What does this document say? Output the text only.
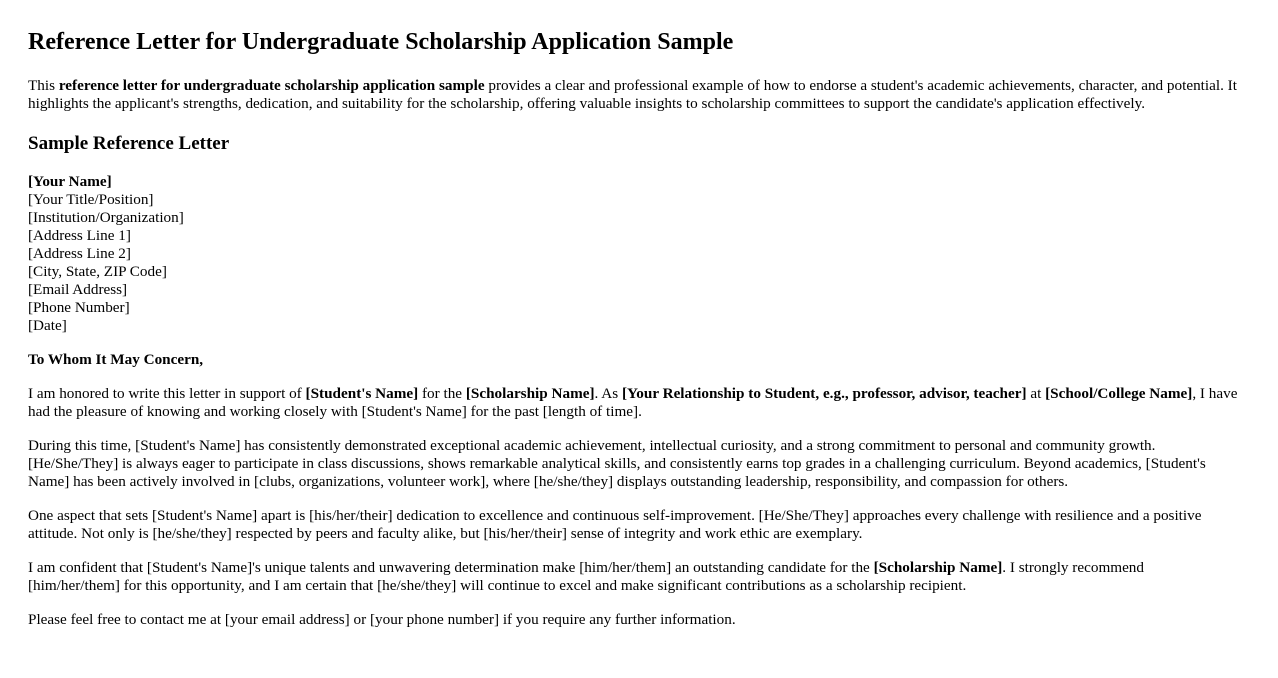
Reference Letter for Undergraduate Scholarship Application Sample

This reference letter for undergraduate scholarship application sample provides a clear and professional example of how to endorse a student's academic achievements, character, and potential. It highlights the applicant's strengths, dedication, and suitability for the scholarship, offering valuable insights to scholarship committees to support the candidate's application effectively.

Sample Reference Letter
[Your Name]
[Your Title/Position]
[Institution/Organization]
[Address Line 1]
[Address Line 2]
[City, State, ZIP Code]
[Email Address]
[Phone Number]
[Date]

To Whom It May Concern,

I am honored to write this letter in support of [Student's Name] for the [Scholarship Name]. As [Your Relationship to Student, e.g., professor, advisor, teacher] at [School/College Name], I have had the pleasure of knowing and working closely with [Student's Name] for the past [length of time].

During this time, [Student's Name] has consistently demonstrated exceptional academic achievement, intellectual curiosity, and a strong commitment to personal and community growth. [He/She/They] is always eager to participate in class discussions, shows remarkable analytical skills, and consistently earns top grades in a challenging curriculum. Beyond academics, [Student's Name] has been actively involved in [clubs, organizations, volunteer work], where [he/she/they] displays outstanding leadership, responsibility, and compassion for others.

One aspect that sets [Student's Name] apart is [his/her/their] dedication to excellence and continuous self-improvement. [He/She/They] approaches every challenge with resilience and a positive attitude. Not only is [he/she/they] respected by peers and faculty alike, but [his/her/their] sense of integrity and work ethic are exemplary.

I am confident that [Student's Name]'s unique talents and unwavering determination make [him/her/them] an outstanding candidate for the [Scholarship Name]. I strongly recommend [him/her/them] for this opportunity, and I am certain that [he/she/they] will continue to excel and make significant contributions as a scholarship recipient.

Please feel free to contact me at [your email address] or [your phone number] if you require any further information.
